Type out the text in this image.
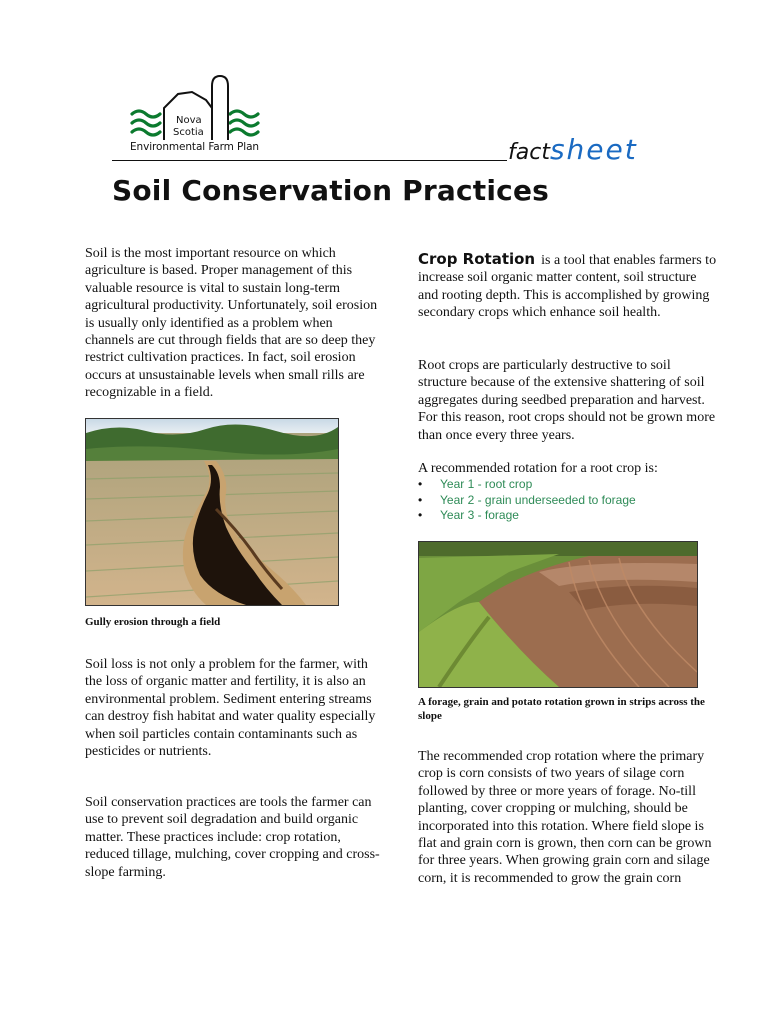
Nova
Scotia
Environmental Farm Plan	factsheet
Soil Conservation Practices

Soil is the most important resource on which agriculture is based. Proper management of this valuable resource is vital to sustain long-term agricultural productivity. Unfortunately, soil erosion is usually only identified as a problem when channels are cut through fields that are so deep they restrict cultivation practices. In fact, soil erosion occurs at unsustainable levels when small rills are recognizable in a field.

Gully erosion through a field

Soil loss is not only a problem for the farmer, with the loss of organic matter and fertility, it is also an environmental problem. Sediment entering streams can destroy fish habitat and water quality especially when soil particles contain contaminants such as pesticides or nutrients.

Soil conservation practices are tools the farmer can use to prevent soil degradation and build organic matter. These practices include: crop rotation, reduced tillage, mulching, cover cropping and cross-slope farming.

Crop Rotation is a tool that enables farmers to increase soil organic matter content, soil structure and rooting depth. This is accomplished by growing secondary crops which enhance soil health.

Root crops are particularly destructive to soil structure because of the extensive shattering of soil aggregates during seedbed preparation and harvest. For this reason, root crops should not be grown more than once every three years.

A recommended rotation for a root crop is:

• Year 1 - root crop
• Year 2 - grain underseeded to forage
• Year 3 - forage

A forage, grain and potato rotation grown in strips across the slope

The recommended crop rotation where the primary crop is corn consists of two years of silage corn followed by three or more years of forage. No-till planting, cover cropping or mulching, should be incorporated into this rotation. Where field slope is flat and grain corn is grown, then corn can be grown for three years. When growing grain corn and silage corn, it is recommended to grow the grain corn
